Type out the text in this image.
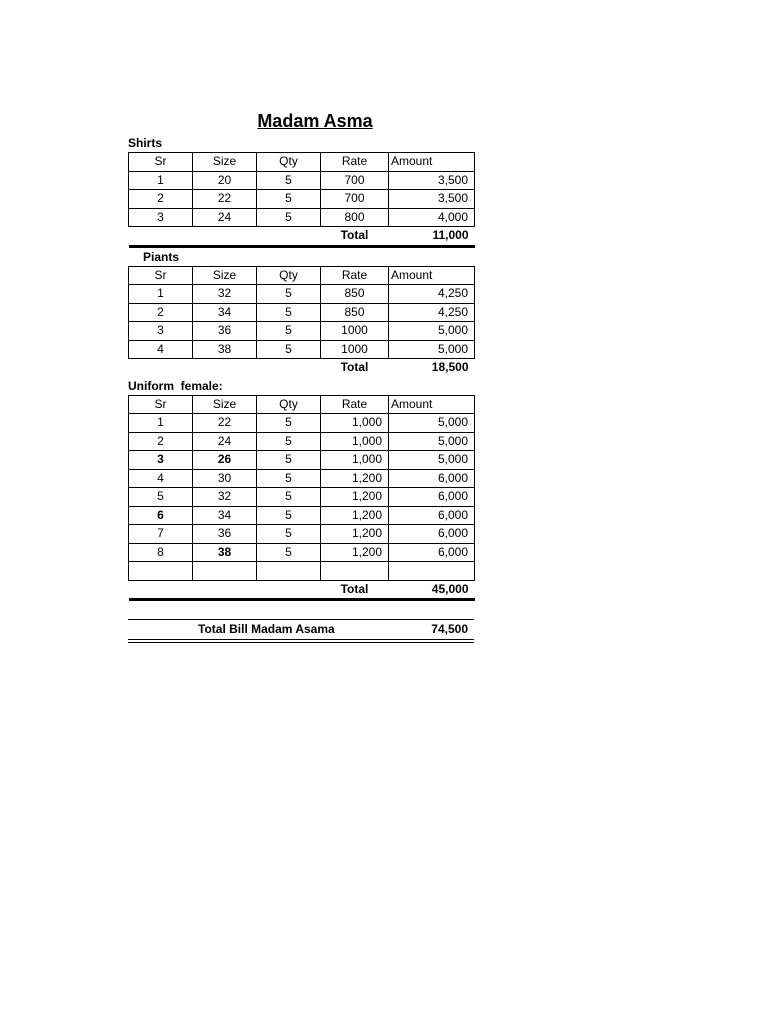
Madam Asma
Shirts
Sr	Size	Qty	Rate	Amount
1	20	5	700	3,500
2	22	5	700	3,500
3	24	5	800	4,000
			Total	11,000
Piants
Sr	Size	Qty	Rate	Amount
1	32	5	850	4,250
2	34	5	850	4,250
3	36	5	1000	5,000
4	38	5	1000	5,000
			Total	18,500
Uniform  female:
Sr	Size	Qty	Rate	Amount
1	22	5	1,000	5,000
2	24	5	1,000	5,000
3	26	5	1,000	5,000
4	30	5	1,200	6,000
5	32	5	1,200	6,000
6	34	5	1,200	6,000
7	36	5	1,200	6,000
8	38	5	1,200	6,000

			Total	45,000
Total Bill Madam Asama	74,500
